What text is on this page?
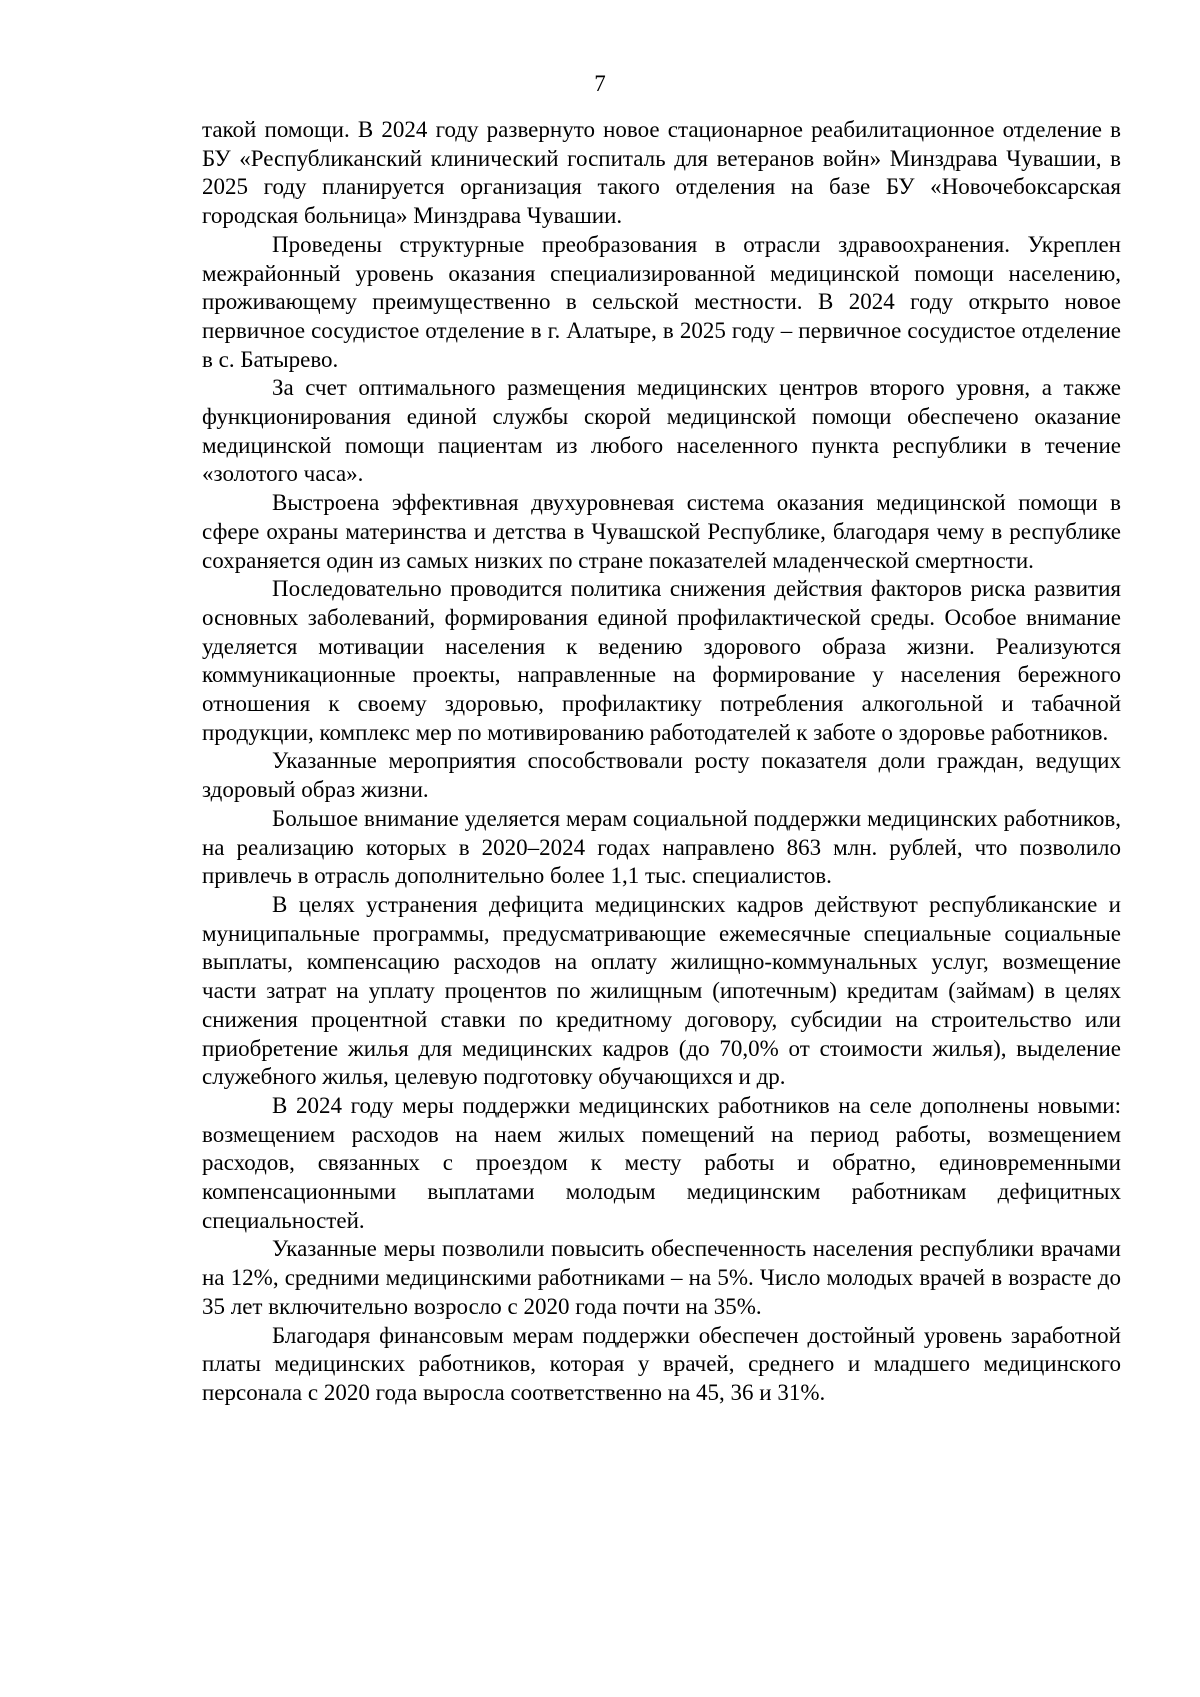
7

такой помощи. В 2024 году развернуто новое стационарное реабилитационное отделение в БУ «Республиканский клинический госпиталь для ветеранов войн» Минздрава Чувашии, в 2025 году планируется организация такого отделения на базе БУ «Новочебоксарская городская больница» Минздрава Чувашии.

Проведены структурные преобразования в отрасли здравоохранения. Укреплен межрайонный уровень оказания специализированной медицинской помощи населению, проживающему преимущественно в сельской местности. В 2024 году открыто новое первичное сосудистое отделение в г. Алатыре, в 2025 году – первичное сосудистое отделение в с. Батырево.

За счет оптимального размещения медицинских центров второго уровня, а также функционирования единой службы скорой медицинской помощи обеспечено оказание медицинской помощи пациентам из любого населенного пункта республики в течение «золотого часа».

Выстроена эффективная двухуровневая система оказания медицинской помощи в сфере охраны материнства и детства в Чувашской Республике, благодаря чему в республике сохраняется один из самых низких по стране показателей младенческой смертности.

Последовательно проводится политика снижения действия факторов риска развития основных заболеваний, формирования единой профилактической среды. Особое внимание уделяется мотивации населения к ведению здорового образа жизни. Реализуются коммуникационные проекты, направленные на формирование у населения бережного отношения к своему здоровью, профилактику потребления алкогольной и табачной продукции, комплекс мер по мотивированию работодателей к заботе о здоровье работников.

Указанные мероприятия способствовали росту показателя доли граждан, ведущих здоровый образ жизни.

Большое внимание уделяется мерам социальной поддержки медицинских работников, на реализацию которых в 2020–2024 годах направлено 863 млн. рублей, что позволило привлечь в отрасль дополнительно более 1,1 тыс. специалистов.

В целях устранения дефицита медицинских кадров действуют республиканские и муниципальные программы, предусматривающие ежемесячные специальные социальные выплаты, компенсацию расходов на оплату жилищно-коммунальных услуг, возмещение части затрат на уплату процентов по жилищным (ипотечным) кредитам (займам) в целях снижения процентной ставки по кредитному договору, субсидии на строительство или приобретение жилья для медицинских кадров (до 70,0% от стоимости жилья), выделение служебного жилья, целевую подготовку обучающихся и др.

В 2024 году меры поддержки медицинских работников на селе дополнены новыми: возмещением расходов на наем жилых помещений на период работы, возмещением расходов, связанных с проездом к месту работы и обратно, единовременными компенсационными выплатами молодым медицинским работникам дефицитных специальностей.

Указанные меры позволили повысить обеспеченность населения республики врачами на 12%, средними медицинскими работниками – на 5%. Число молодых врачей в возрасте до 35 лет включительно возросло с 2020 года почти на 35%.

Благодаря финансовым мерам поддержки обеспечен достойный уровень заработной платы медицинских работников, которая у врачей, среднего и младшего медицинского персонала с 2020 года выросла соответственно на 45, 36 и 31%.
